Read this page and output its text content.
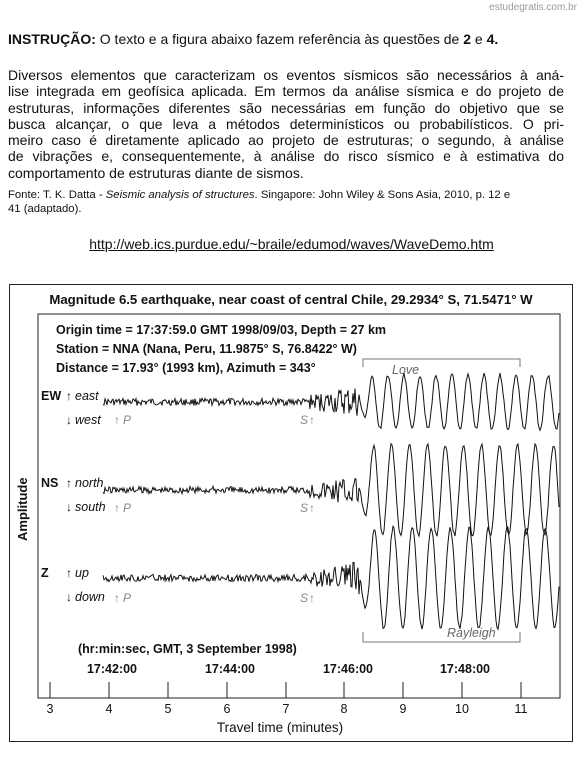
estudegratis.com.br
INSTRUÇÃO: O texto e a figura abaixo fazem referência às questões de 2 e 4.
Diversos elementos que caracterizam os eventos sísmicos são necessários à aná-
lise integrada em geofísica aplicada. Em termos da análise sísmica e do projeto de
estruturas, informações diferentes são necessárias em função do objetivo que se
busca alcançar, o que leva a métodos determinísticos ou probabilísticos. O pri-
meiro caso é diretamente aplicado ao projeto de estruturas; o segundo, à análise
de vibrações e, consequentemente, à análise do risco sísmico e à estimativa do
comportamento de estruturas diante de sismos.
Fonte: T. K. Datta - Seismic analysis of structures. Singapore: John Wiley & Sons Asia, 2010, p. 12 e
41 (adaptado).
http://web.ics.purdue.edu/~braile/edumod/waves/WaveDemo.htm
Magnitude 6.5 earthquake, near coast of central Chile, 29.2934° S, 71.5471° W
Origin time = 17:37:59.0 GMT 1998/09/03, Depth = 27 km
Station = NNA (Nana, Peru, 11.9875° S, 76.8422° W)
Distance = 17.93° (1993 km), Azimuth = 343°	Love
Rayleigh
Amplitude
EW ↑ east
↓ west
NS ↑ north
↓ south
Z ↑ up
↓ down
↑ P
↑ P
↑ P
S ↑
S ↑
S ↑
(hr:min:sec, GMT, 3 September 1998)
17:42:00	17:44:00	17:46:00	17:48:00
3	4	5	6	7	8	9	10	11
Travel time (minutes)
